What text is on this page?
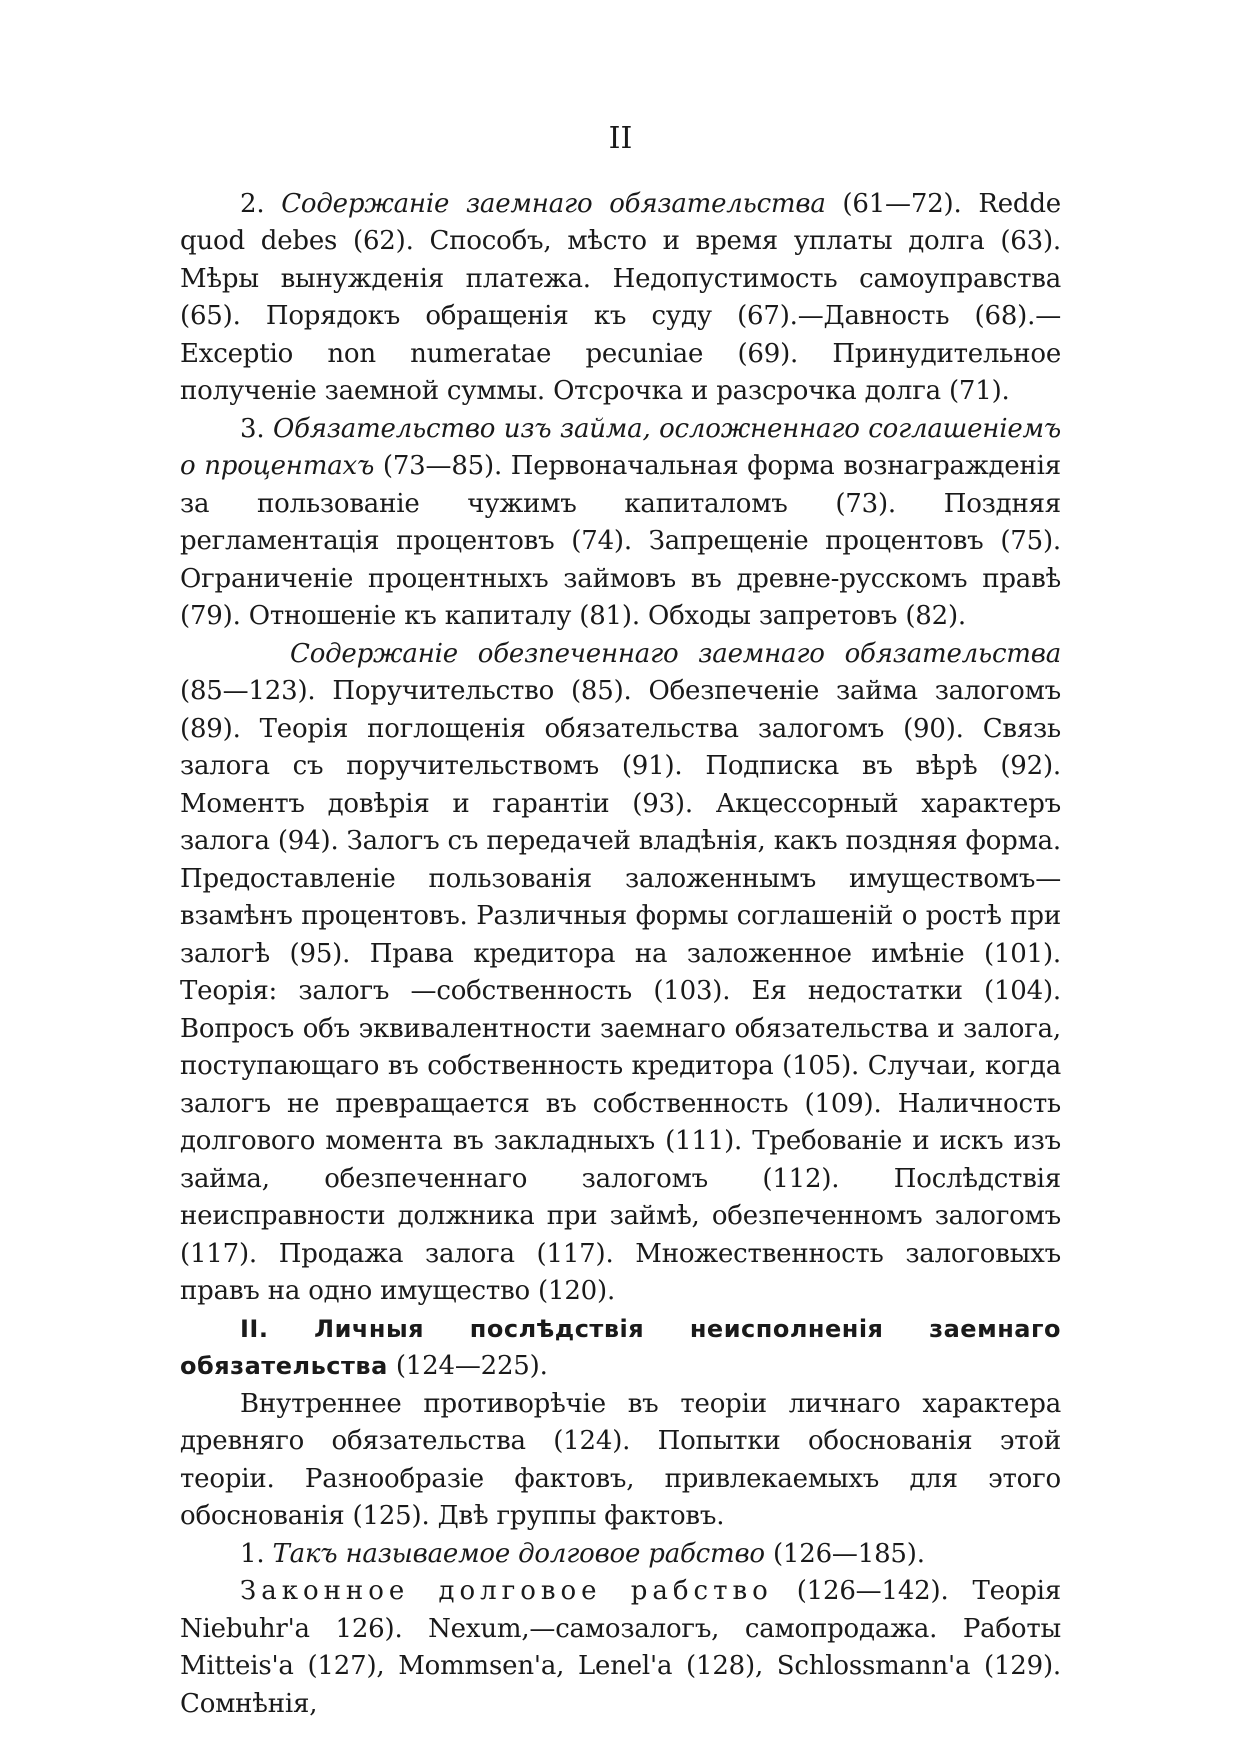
II

2. Содержанiе заемнаго обязательства (61—72). Redde quod debes (62). Способъ, мѣсто и время уплаты долга (63). Мѣры вынужденiя платежа. Недопустимость самоуправства (65). Порядокъ обращенiя къ суду (67).—Давность (68).—Exceptio non numeratae pecuniae (69). Принудительное полученiе заемной суммы. Отсрочка и разсрочка долга (71).

3. Обязательство изъ займа, осложненнаго соглашенiемъ о процентахъ (73—85). Первоначальная форма вознагражденiя за пользованiе чужимъ капиталомъ (73). Поздняя регламентацiя процентовъ (74). Запрещенiе процентовъ (75). Ограниченiе процентныхъ займовъ въ древне-русскомъ правѣ (79). Отношенiе къ капиталу (81). Обходы запретовъ (82).

Содержанiе обезпеченнаго заемнаго обязательства (85—123). Поручительство (85). Обезпеченiе займа залогомъ (89). Теорiя поглощенiя обязательства залогомъ (90). Связь залога съ поручительствомъ (91). Подписка въ вѣрѣ (92). Моментъ довѣрiя и гарантiи (93). Акцессорный характеръ залога (94). Залогъ съ передачей владѣнiя, какъ поздняя форма. Предоставленiе пользованiя заложеннымъ имуществомъ—взамѣнъ процентовъ. Различныя формы соглашенiй о ростѣ при залогѣ (95). Права кредитора на заложенное имѣнiе (101). Теорiя: залогъ —собственность (103). Ея недостатки (104). Вопросъ объ эквивалентности заемнаго обязательства и залога, поступающаго въ собственность кредитора (105). Случаи, когда залогъ не превращается въ собственность (109). Наличность долгового момента въ закладныхъ (111). Требованiе и искъ изъ займа, обезпеченнаго залогомъ (112). Послѣдствiя неисправности должника при займѣ, обезпеченномъ залогомъ (117). Продажа залога (117). Множественность залоговыхъ правъ на одно имущество (120).

II. Личныя послѣдствiя неисполненiя заемнаго обязательства (124—225).

Внутреннее противорѣчiе въ теорiи личнаго характера древняго обязательства (124). Попытки обоснованiя этой теорiи. Разнообразiе фактовъ, привлекаемыхъ для этого обоснованiя (125). Двѣ группы фактовъ.

1. Такъ называемое долговое рабство (126—185).

Законное долговое рабство (126—142). Теорiя Niebuhr'a 126). Nexum,—самозалогъ, самопродажа. Работы Mitteis'a (127), Mommsen'a, Lenel'a (128), Schlossmann'a (129). Сомнѣнiя,
